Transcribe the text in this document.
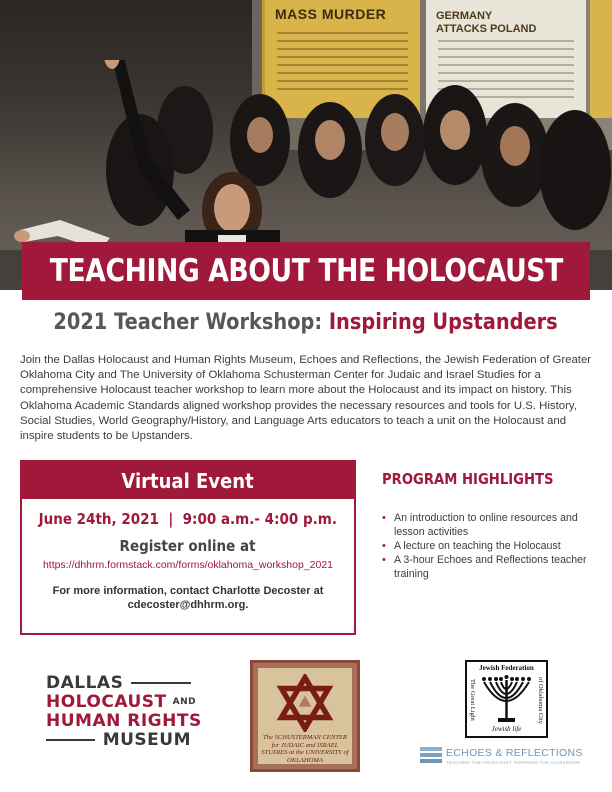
MASS MURDER	GERMANY
ATTACKS POLAND
TEACHING ABOUT THE HOLOCAUST
2021 Teacher Workshop: Inspiring Upstanders

Join the Dallas Holocaust and Human Rights Museum, Echoes and Reflections, the Jewish Federation of Greater Oklahoma City and The University of Oklahoma Schusterman Center for Judaic and Israel Studies for a comprehensive Holocaust teacher workshop to learn more about the Holocaust and its impact on history. This Oklahoma Academic Standards aligned workshop provides the necessary resources and tools for U.S. History, Social Studies, World Geography/History, and Language Arts educators to teach a unit on the Holocaust and inspire students to be Upstanders.

Virtual Event
June 24th, 2021  |  9:00 a.m.- 4:00 p.m.
Register online at
https://dhhrm.formstack.com/forms/oklahoma_workshop_2021
For more information, contact Charlotte Decoster at cdecoster@dhhrm.org.
PROGRAM HIGHLIGHTS
• An introduction to online resources and lesson activities
• A lecture on teaching the Holocaust
• A 3-hour Echoes and Reflections teacher training
DALLAS
HOLOCAUST AND
HUMAN RIGHTS
MUSEUM	The SCHUSTERMAN CENTER for JUDAIC and ISRAEL STUDIES at the UNIVERSITY of OKLAHOMA
Jewish Federation
The Great Light	of Oklahoma City
Jewish life
ECHOES & REFLECTIONS
TEACHING THE HOLOCAUST. INSPIRING THE CLASSROOM.
